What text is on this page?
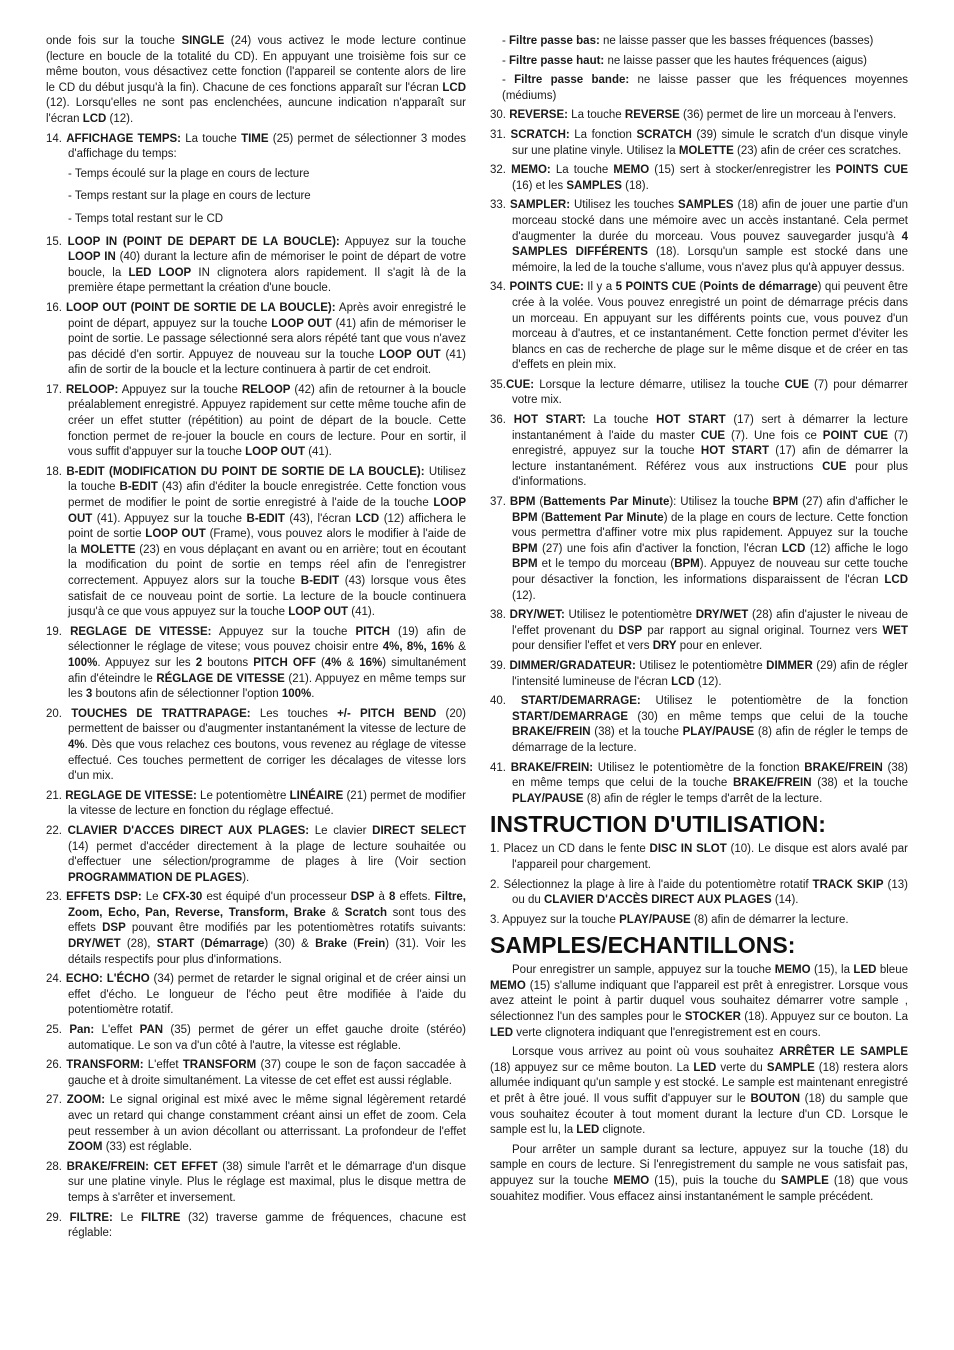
onde fois sur la touche SINGLE (24) vous activez le mode lecture continue (lecture en boucle de la totalité du CD). En appuyant une troisième fois sur ce même bouton, vous désactivez cette fonction (l'appareil se contente alors de lire le CD du début jusqu'à la fin). Chacune de ces fonctions apparaît sur l'écran LCD (12). Lorsqu'elles ne sont pas enclenchées, auncune indication n'apparaît sur l'écran LCD (12).

14. AFFICHAGE TEMPS: La touche TIME (25) permet de sélectionner 3 modes d'affichage du temps:

- Temps écoulé sur la plage en cours de lecture

- Temps restant sur la plage en cours de lecture

- Temps total restant sur le CD

15. LOOP IN (POINT DE DEPART DE LA BOUCLE): Appuyez sur la touche LOOP IN (40) durant la lecture afin de mémoriser le point de départ de votre boucle, la LED LOOP IN clignotera alors rapidement. Il s'agit là de la première étape permettant la création d'une boucle.

16. LOOP OUT (POINT DE SORTIE DE LA BOUCLE): Après avoir enregistré le point de départ, appuyez sur la touche LOOP OUT (41) afin de mémoriser le point de sortie. Le passage sélectionné sera alors répété tant que vous n'avez pas décidé d'en sortir. Appuyez de nouveau sur la touche LOOP OUT (41) afin de sortir de la boucle et la lecture continuera à partir de cet endroit.

17. RELOOP: Appuyez sur la touche RELOOP (42) afin de retourner à la boucle préalablement enregistré. Appuyez rapidement sur cette même touche afin de créer un effet stutter (répétition) au point de départ de la boucle. Cette fonction permet de re-jouer la boucle en cours de lecture. Pour en sortir, il vous suffit d'appuyer sur la touche LOOP OUT (41).

18. B-EDIT (MODIFICATION DU POINT DE SORTIE DE LA BOUCLE): Utilisez la touche B-EDIT (43) afin d'éditer la boucle enregistrée. Cette fonction vous permet de modifier le point de sortie enregistré à l'aide de la touche LOOP OUT (41). Appuyez sur la touche B-EDIT (43), l'écran LCD (12) affichera le point de sortie LOOP OUT (Frame), vous pouvez alors le modifier à l'aide de la MOLETTE (23) en vous déplaçant en avant ou en arrière; tout en écoutant la modification du point de sortie en temps réel afin de l'enregistrer correctement. Appuyez alors sur la touche B-EDIT (43) lorsque vous êtes satisfait de ce nouveau point de sortie. La lecture de la boucle continuera jusqu'à ce que vous appuyez sur la touche LOOP OUT (41).

19. REGLAGE DE VITESSE: Appuyez sur la touche PITCH (19) afin de sélectionner le réglage de vitese; vous pouvez choisir entre 4%, 8%, 16% & 100%. Appuyez sur les 2 boutons PITCH OFF (4% & 16%) simultanément afin d'éteindre le RÉGLAGE DE VITESSE (21). Appuyez en même temps sur les 3 boutons afin de sélectionner l'option 100%.

20. TOUCHES DE TRATTRAPAGE: Les touches +/- PITCH BEND (20) permettent de baisser ou d'augmenter instantanément la vitesse de lecture de 4%. Dès que vous relachez ces boutons, vous revenez au réglage de vitesse effectué. Ces touches permettent de corriger les décalages de vitesse lors d'un mix.

21. REGLAGE DE VITESSE: Le potentiomètre LINÉAIRE (21) permet de modifier la vitesse de lecture en fonction du réglage effectué.

22. CLAVIER D'ACCES DIRECT AUX PLAGES: Le clavier DIRECT SELECT (14) permet d'accéder directement à la plage de lecture souhaitée ou d'effectuer une sélection/programme de plages à lire (Voir section PROGRAMMATION DE PLAGES).

23. EFFETS DSP: Le CFX-30 est équipé d'un processeur DSP à 8 effets. Filtre, Zoom, Echo, Pan, Reverse, Transform, Brake & Scratch sont tous des effets DSP pouvant être modifiés par les potentiomètres rotatifs suivants: DRY/WET (28), START (Démarrage) (30) & Brake (Frein) (31). Voir les détails respectifs pour plus d'informations.

24. ECHO: L'ÉCHO (34) permet de retarder le signal original et de créer ainsi un effet d'écho. Le longueur de l'écho peut être modifiée à l'aide du potentiomètre rotatif.

25. Pan: L'effet PAN (35) permet de gérer un effet gauche droite (stéréo) automatique. Le son va d'un côté à l'autre, la vitesse est réglable.

26. TRANSFORM: L'effet TRANSFORM (37) coupe le son de façon saccadée à gauche et à droite simultanément. La vitesse de cet effet est aussi réglable.

27. ZOOM: Le signal original est mixé avec le même signal légèrement retardé avec un retard qui change constamment créant ainsi un effet de zoom. Cela peut ressember à un avion décollant ou atterrissant. La profondeur de l'effet ZOOM (33) est réglable.

28. BRAKE/FREIN: CET EFFET (38) simule l'arrêt et le démarrage d'un disque sur une platine vinyle. Plus le réglage est maximal, plus le disque mettra de temps à s'arrêter et inversement.

29. FILTRE: Le FILTRE (32) traverse gamme de fréquences, chacune est réglable:

- Filtre passe bas: ne laisse passer que les basses fréquences (basses)

- Filtre passe haut: ne laisse passer que les hautes fréquences (aigus)

- Filtre passe bande: ne laisse passer que les fréquences moyennes (médiums)

30. REVERSE: La touche REVERSE (36) permet de lire un morceau à l'envers.

31. SCRATCH: La fonction SCRATCH (39) simule le scratch d'un disque vinyle sur une platine vinyle. Utilisez la MOLETTE (23) afin de créer ces scratches.

32. MEMO: La touche MEMO (15) sert à stocker/enregistrer les POINTS CUE (16) et les SAMPLES (18).

33. SAMPLER: Utilisez les touches SAMPLES (18) afin de jouer une partie d'un morceau stocké dans une mémoire avec un accès instantané. Cela permet d'augmenter la durée du morceau. Vous pouvez sauvegarder jusqu'à 4 SAMPLES DIFFÉRENTS (18). Lorsqu'un sample est stocké dans une mémoire, la led de la touche s'allume, vous n'avez plus qu'à appuyer dessus.

34. POINTS CUE: Il y a 5 POINTS CUE (Points de démarrage) qui peuvent être crée à la volée. Vous pouvez enregistré un point de démarrage précis dans un morceau. En appuyant sur les différents points cue, vous pouvez d'un morceau à d'autres, et ce instantanément. Cette fonction permet d'éviter les blancs en cas de recherche de plage sur le même disque et de créer en tas d'effets en plein mix.

35.CUE: Lorsque la lecture démarre, utilisez la touche CUE (7) pour démarrer votre mix.

36. HOT START: La touche HOT START (17) sert à démarrer la lecture instantanément à l'aide du master CUE (7). Une fois ce POINT CUE (7) enregistré, appuyez sur la touche HOT START (17) afin de démarrer la lecture instantanément. Référez vous aux instructions CUE pour plus d'informations.

37. BPM (Battements Par Minute): Utilisez la touche BPM (27) afin d'afficher le BPM (Battement Par Minute) de la plage en cours de lecture. Cette fonction vous permettra d'affiner votre mix plus rapidement. Appuyez sur la touche BPM (27) une fois afin d'activer la fonction, l'écran LCD (12) affiche le logo BPM et le tempo du morceau (BPM). Appuyez de nouveau sur cette touche pour désactiver la fonction, les informations disparaissent de l'écran LCD (12).

38. DRY/WET: Utilisez le potentiomètre DRY/WET (28) afin d'ajuster le niveau de l'effet provenant du DSP par rapport au signal original. Tournez vers WET pour densifier l'effet et vers DRY pour en enlever.

39. DIMMER/GRADATEUR: Utilisez le potentiomètre DIMMER (29) afin de régler l'intensité lumineuse de l'écran LCD (12).

40. START/DEMARRAGE: Utilisez le potentiomètre de la fonction START/DEMARRAGE (30) en même temps que celui de la touche BRAKE/FREIN (38) et la touche PLAY/PAUSE (8) afin de régler le temps de démarrage de la lecture.

41. BRAKE/FREIN: Utilisez le potentiomètre de la fonction BRAKE/FREIN (38) en même temps que celui de la touche BRAKE/FREIN (38) et la touche PLAY/PAUSE (8) afin de régler le temps d'arrêt de la lecture.

INSTRUCTION D'UTILISATION:

1. Placez un CD dans le fente DISC IN SLOT (10). Le disque est alors avalé par l'appareil pour chargement.

2. Sélectionnez la plage à lire à l'aide du potentiomètre rotatif TRACK SKIP (13) ou du CLAVIER D'ACCÈS DIRECT AUX PLAGES (14).

3. Appuyez sur la touche PLAY/PAUSE (8) afin de démarrer la lecture.

SAMPLES/ECHANTILLONS:

Pour enregistrer un sample, appuyez sur la touche MEMO (15), la LED bleue MEMO (15) s'allume indiquant que l'appareil est prêt à enregistrer. Lorsque vous avez atteint le point à partir duquel vous souhaitez démarrer votre sample , sélectionnez l'un des samples pour le STOCKER (18). Appuyez sur ce bouton. La LED verte clignotera indiquant que l'enregistrement est en cours.

Lorsque vous arrivez au point où vous souhaitez ARRÊTER LE SAMPLE (18) appuyez sur ce même bouton. La LED verte du SAMPLE (18) restera alors allumée indiquant qu'un sample y est stocké. Le sample est maintenant enregistré et prêt à être joué. Il vous suffit d'appuyer sur le BOUTON (18) du sample que vous souhaitez écouter à tout moment durant la lecture d'un CD. Lorsque le sample est lu, la LED clignote.

Pour arrêter un sample durant sa lecture, appuyez sur la touche (18) du sample en cours de lecture. Si l'enregistrement du sample ne vous satisfait pas, appuyez sur la touche MEMO (15), puis la touche du SAMPLE (18) que vous souahitez modifier. Vous effacez ainsi instantanément le sample précédent.
